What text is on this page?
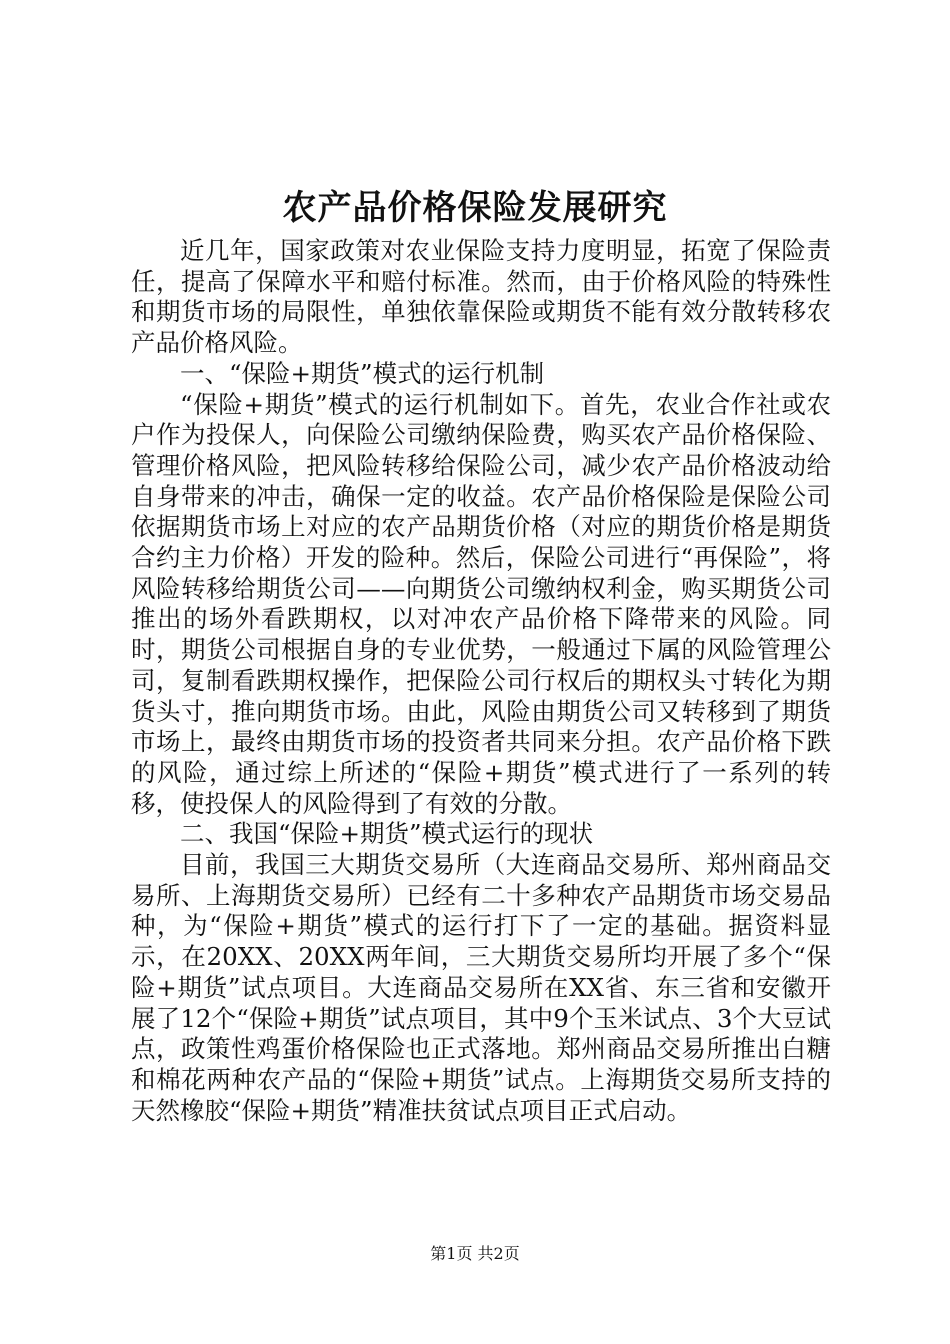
农产品价格保险发展研究

近几年，国家政策对农业保险支持力度明显，拓宽了保险责任，提高了保障水平和赔付标准。然而，由于价格风险的特殊性和期货市场的局限性，单独依靠保险或期货不能有效分散转移农产品价格风险。

一、“保险+期货”模式的运行机制

“保险+期货”模式的运行机制如下。首先，农业合作社或农户作为投保人，向保险公司缴纳保险费，购买农产品价格保险、管理价格风险，把风险转移给保险公司，减少农产品价格波动给自身带来的冲击，确保一定的收益。农产品价格保险是保险公司依据期货市场上对应的农产品期货价格（对应的期货价格是期货合约主力价格）开发的险种。然后，保险公司进行“再保险”，将风险转移给期货公司——向期货公司缴纳权利金，购买期货公司推出的场外看跌期权，以对冲农产品价格下降带来的风险。同时，期货公司根据自身的专业优势，一般通过下属的风险管理公司，复制看跌期权操作，把保险公司行权后的期权头寸转化为期货头寸，推向期货市场。由此，风险由期货公司又转移到了期货市场上，最终由期货市场的投资者共同来分担。农产品价格下跌的风险，通过综上所述的“保险+期货”模式进行了一系列的转移，使投保人的风险得到了有效的分散。

二、我国“保险+期货”模式运行的现状

目前，我国三大期货交易所（大连商品交易所、郑州商品交易所、上海期货交易所）已经有二十多种农产品期货市场交易品种，为“保险+期货”模式的运行打下了一定的基础。据资料显示，在20XX、20XX两年间，三大期货交易所均开展了多个“保险+期货”试点项目。大连商品交易所在XX省、东三省和安徽开展了12个“保险+期货”试点项目，其中9个玉米试点、3个大豆试点，政策性鸡蛋价格保险也正式落地。郑州商品交易所推出白糖和棉花两种农产品的“保险+期货”试点。上海期货交易所支持的天然橡胶“保险+期货”精准扶贫试点项目正式启动。

第1页 共2页
